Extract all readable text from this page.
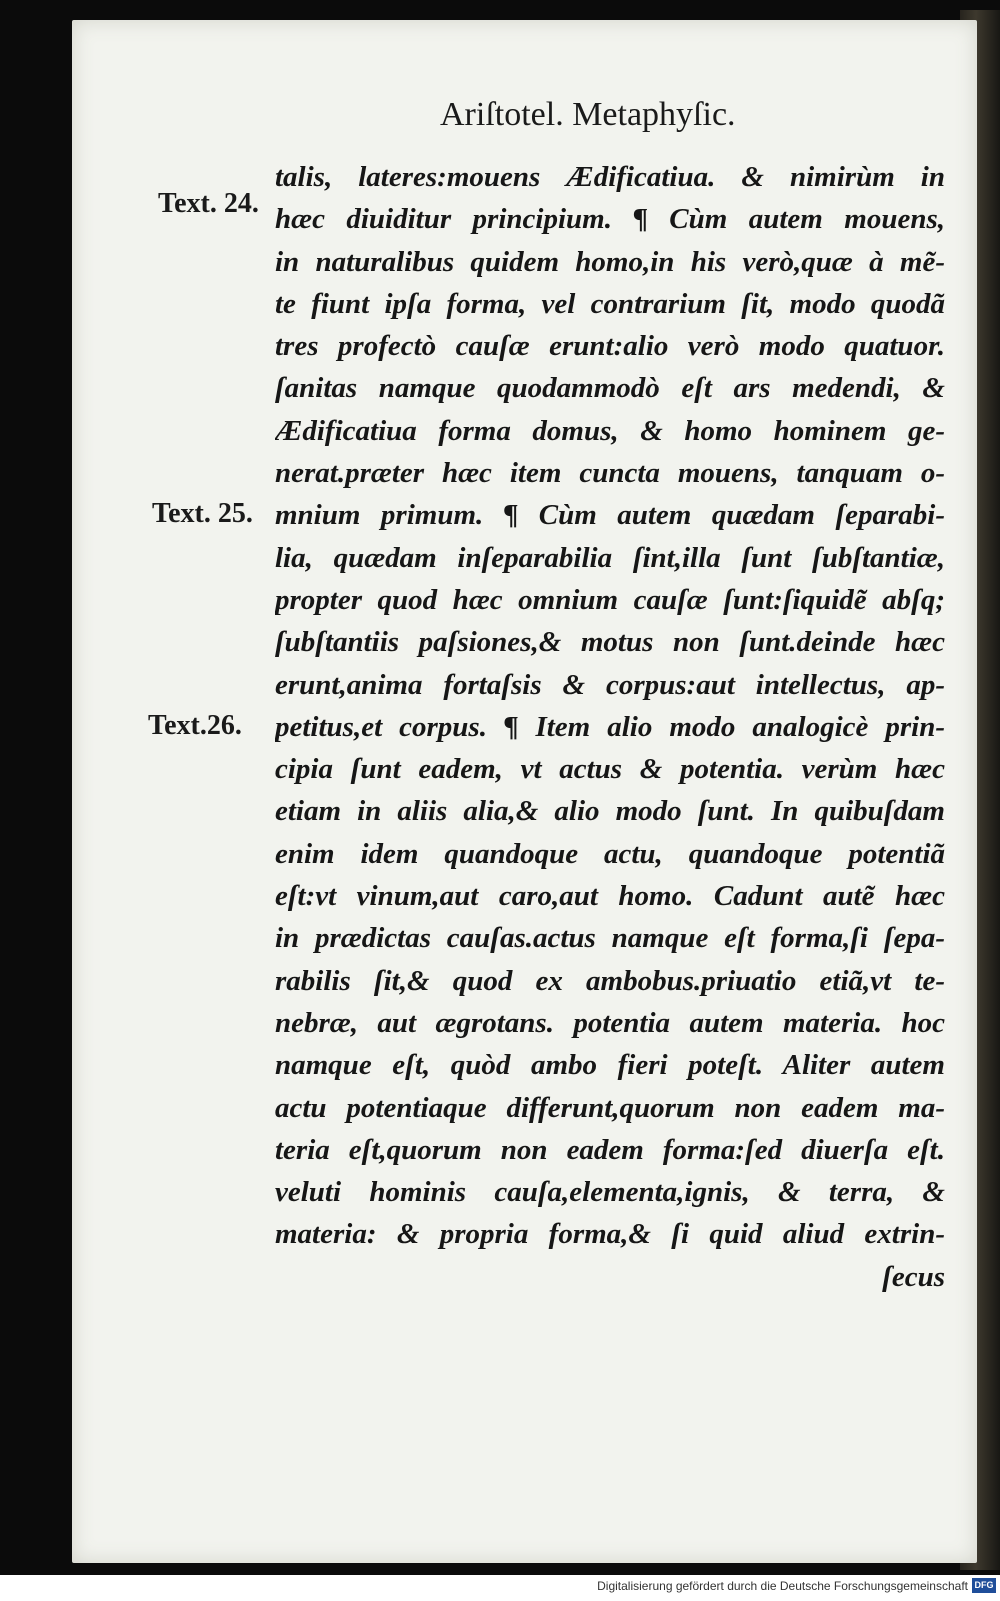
Ariſtotel. Metaphyſic.
Text. 24.
Text. 25.
Text.26.
talis, lateres:mouens Ædificatiua. & nimirùm in
hæc diuiditur principium. ¶ Cùm autem mouens,
in naturalibus quidem homo,in his verò,quæ à mẽ-
te fiunt ipſa forma, vel contrarium ſit, modo quodã
tres profectò cauſæ erunt:alio verò modo quatuor.
ſanitas namque quodammodò eſt ars medendi, &
Ædificatiua forma domus, & homo hominem ge-
nerat.præter hæc item cuncta mouens, tanquam o-
mnium primum. ¶ Cùm autem quædam ſeparabi-
lia, quædam inſeparabilia ſint,illa ſunt ſubſtantiæ,
propter quod hæc omnium cauſæ ſunt:ſiquidẽ abſq;
ſubſtantiis paſsiones,& motus non ſunt.deinde hæc
erunt,anima fortaſsis & corpus:aut intellectus, ap-
petitus,et corpus. ¶ Item alio modo analogicè prin-
cipia ſunt eadem, vt actus & potentia. verùm hæc
etiam in aliis alia,& alio modo ſunt. In quibuſdam
enim idem quandoque actu, quandoque potentiã
eſt:vt vinum,aut caro,aut homo. Cadunt autẽ hæc
in prædictas cauſas.actus namque eſt forma,ſi ſepa-
rabilis ſit,& quod ex ambobus.priuatio etiã,vt te-
nebræ, aut ægrotans. potentia autem materia. hoc
namque eſt, quòd ambo fieri poteſt. Aliter autem
actu potentiaque differunt,quorum non eadem ma-
teria eſt,quorum non eadem forma:ſed diuerſa eſt.
veluti hominis cauſa,elementa,ignis, & terra, &
materia: & propria forma,& ſi quid aliud extrin-
ſecus
Digitalisierung gefördert durch die Deutsche Forschungsgemeinschaft DFG
